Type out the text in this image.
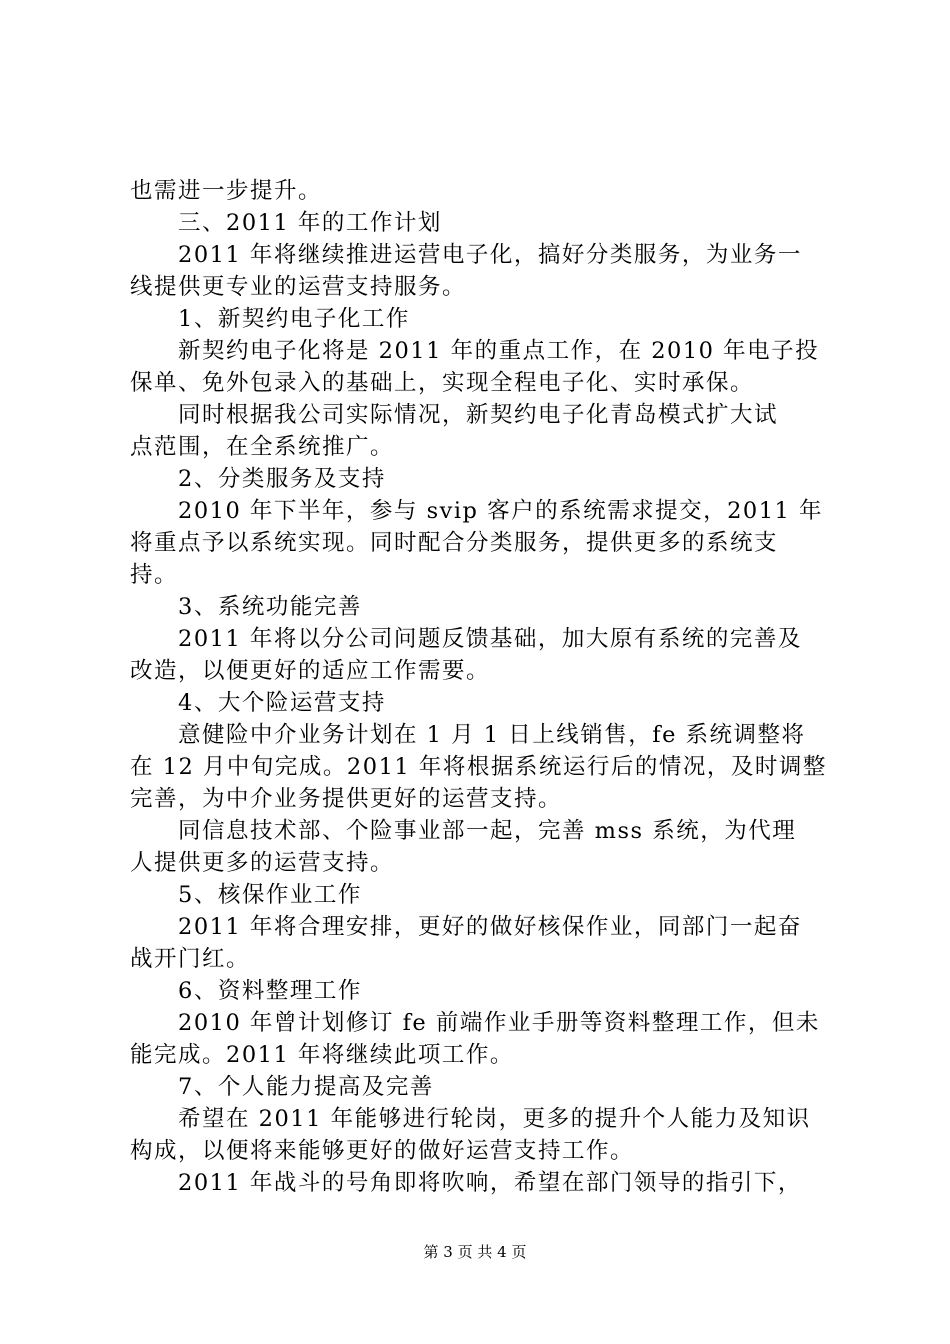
也需进一步提升。
三、2011 年的工作计划
2011 年将继续推进运营电子化，搞好分类服务，为业务一
线提供更专业的运营支持服务。
1、新契约电子化工作
新契约电子化将是 2011 年的重点工作，在 2010 年电子投
保单、免外包录入的基础上，实现全程电子化、实时承保。
同时根据我公司实际情况，新契约电子化青岛模式扩大试
点范围，在全系统推广。
2、分类服务及支持
2010 年下半年，参与 svip 客户的系统需求提交，2011 年
将重点予以系统实现。同时配合分类服务，提供更多的系统支
持。
3、系统功能完善
2011 年将以分公司问题反馈基础，加大原有系统的完善及
改造，以便更好的适应工作需要。
4、大个险运营支持
意健险中介业务计划在 1 月 1 日上线销售，fe 系统调整将
在 12 月中旬完成。2011 年将根据系统运行后的情况，及时调整
完善，为中介业务提供更好的运营支持。
同信息技术部、个险事业部一起，完善 mss 系统，为代理
人提供更多的运营支持。
5、核保作业工作
2011 年将合理安排，更好的做好核保作业，同部门一起奋
战开门红。
6、资料整理工作
2010 年曾计划修订 fe 前端作业手册等资料整理工作，但未
能完成。2011 年将继续此项工作。
7、个人能力提高及完善
希望在 2011 年能够进行轮岗，更多的提升个人能力及知识
构成，以便将来能够更好的做好运营支持工作。
2011 年战斗的号角即将吹响，希望在部门领导的指引下，
第 3 页 共 4 页
